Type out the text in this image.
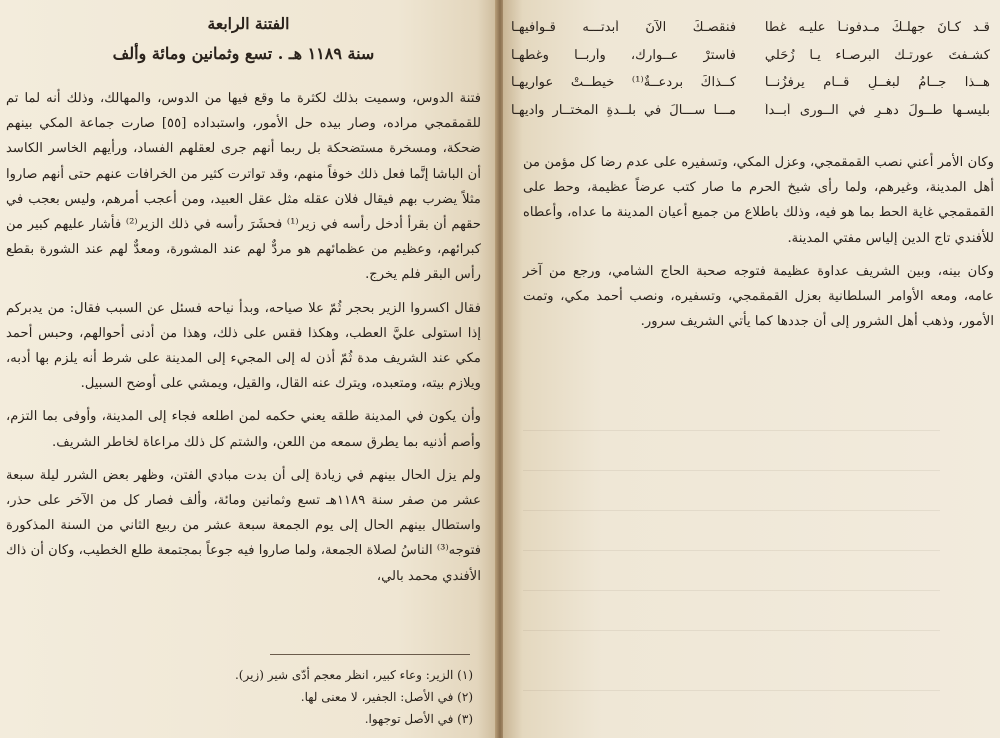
الفتنة الرابعة
سنة ١١٨٩ هـ . تسع وثمانين ومائة وألف

فتنة الدوس، وسميت بذلك لكثرة ما وقع فيها من الدوس، والمهالك، وذلك أنه لما تم للقمقمجي مراده، وصار بيده حل الأمور، واستبداده [٥٥] صارت جماعة المكي بينهم ضحكة، ومسخرة مستضحكة بل ربما أنهم جرى لعقلهم الفساد، ورأيهم الخاسر الكاسد أن الباشا إنَّما فعل ذلك خوفاً منهم، وقد تواترت كثير من الخرافات عنهم حتى أنهم صاروا مثلاً يضرب بهم فيقال فلان عقله مثل عقل العبيد، ومن أعجب أمرهم، وليس بعجب في حقهم أن بقرأ أدخل رأسه في زير⁽¹⁾ فحشَرَ رأسه في ذلك الزير⁽²⁾ فأشار عليهم كبير من كبرائهم، وعظيم من عظمائهم هو مردٌّ لهم عند المشورة، ومعدٌّ لهم عند الشورة بقطع رأس البقر فلم يخرج.

فقال اكسروا الزير بحجر ثُمّ علا صياحه، وبدأ نياحه فسئل عن السبب فقال: من يدبركم إذا استولى عليَّ العطب، وهكذا فقس على ذلك، وهذا من أدنى أحوالهم، وحبس أحمد مكي عند الشريف مدة ثُمّ أذن له إلى المجيء إلى المدينة على شرط أنه يلزم بها أدبه، ويلازم بيته، ومتعبده، ويترك عنه القال، والقيل، ويمشي على أوضح السبيل.

وأن يكون في المدينة طلقه يعني حكمه لمن اطلعه فجاء إلى المدينة، وأوفى بما التزم، وأصم أذنيه بما يطرق سمعه من اللعن، والشتم كل ذلك مراعاة لخاطر الشريف.

ولم يزل الحال بينهم في زيادة إلى أن بدت مبادي الفتن، وظهر بعض الشرر ليلة سبعة عشر من صفر سنة ١١٨٩هـ تسع وثمانين ومائة، وألف فصار كل من الآخر على حذر، واستطال بينهم الحال إلى يوم الجمعة سبعة عشر من ربيع الثاني من السنة المذكورة فتوجه⁽³⁾ الناسُ لصلاة الجمعة، ولما صاروا فيه جوعاً بمجتمعة طلع الخطيب، وكان أن ذاك الأفندي محمد بالي،

(١) الزير: وعاء كبير، انظر معجم أدّى شير (زير).
(٢) في الأصل: الجفير، لا معنى لها.
(٣) في الأصل توجهوا.
قـد كـانَ جهلـكَ مـدفونـاً عليـه غطا
فنقصـكَ الآنَ أبدتـــه قـوافيهـا
كشـفتَ عورتـك البرصـاء يـا زُحَلي
فاسترْ عــوارك، وأربــا وغطهـا
هــذا جــامُ لبغــلٍ قــامٍ يرفزُنــا
كــذاكَ بردعــةٌ⁽¹⁾ خيطــتْ عواريهـا
بليسـها طــولَ دهـرٍ في الــورى أبــداً
مـــا ســـالَ في بلــدةِ المختــار واديهـا

وكان الأمر أعني نصب القمقمجي، وعزل المكي، وتسفيره على عدم رضا كل مؤمن من أهل المدينة، وغيرهم، ولما رأى شيخ الحرم ما صار كتب عرضاً عظيمة، وحط على القمقمجي غاية الحط بما هو فيه، وذلك باطلاع من جميع أعيان المدينة ما عداه، وأعطاه للأفندي تاج الدين إلياس مفتي المدينة.

وكان بينه، وبين الشريف عداوة عظيمة فتوجه صحبة الحاج الشامي، ورجع من آخر عامه، ومعه الأوامر السلطانية بعزل القمقمجي، وتسفيره، ونصب أحمد مكي، وتمت الأمور، وذهب أهل الشرور إلى أن جددها كما يأتي الشريف سرور.
